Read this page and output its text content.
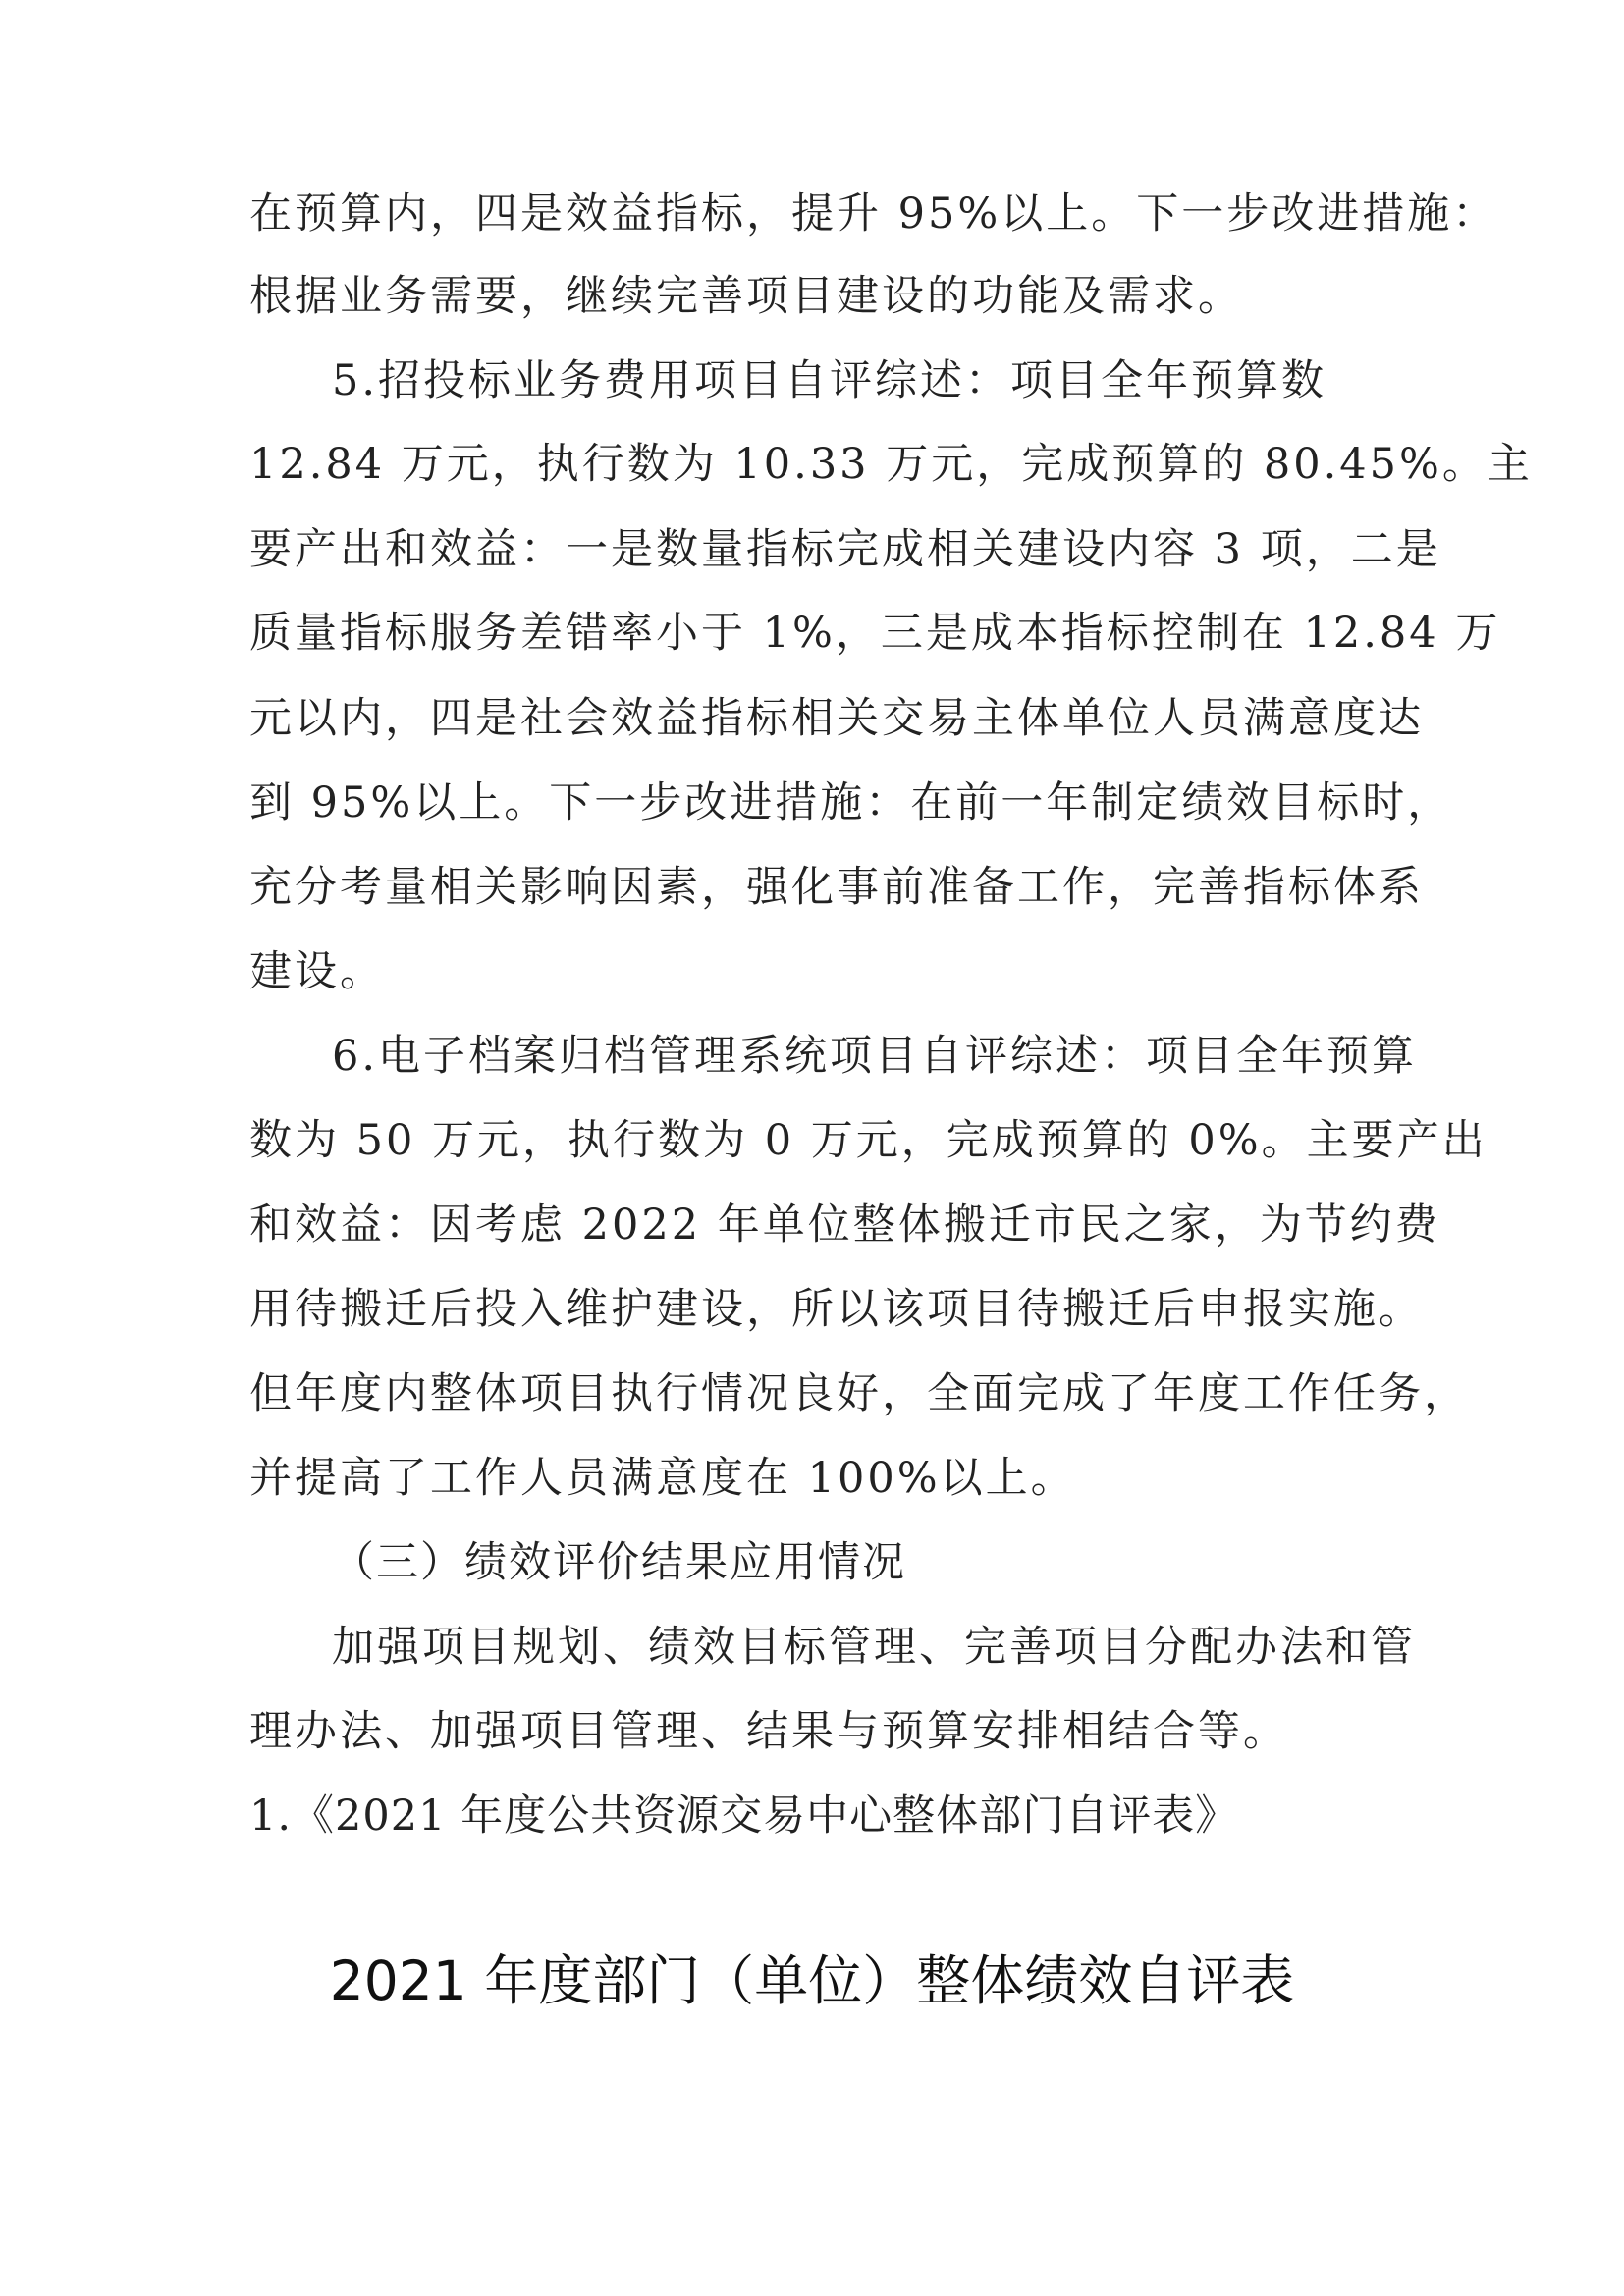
在预算内，四是效益指标，提升 95%以上。下一步改进措施：
根据业务需要，继续完善项目建设的功能及需求。
5.招投标业务费用项目自评综述：项目全年预算数
12.84 万元，执行数为 10.33 万元，完成预算的 80.45%。主
要产出和效益：一是数量指标完成相关建设内容 3 项，二是
质量指标服务差错率小于 1%，三是成本指标控制在 12.84 万
元以内，四是社会效益指标相关交易主体单位人员满意度达
到 95%以上。下一步改进措施：在前一年制定绩效目标时，
充分考量相关影响因素，强化事前准备工作，完善指标体系
建设。
6.电子档案归档管理系统项目自评综述：项目全年预算
数为 50 万元，执行数为 0 万元，完成预算的 0%。主要产出
和效益：因考虑 2022 年单位整体搬迁市民之家，为节约费
用待搬迁后投入维护建设，所以该项目待搬迁后申报实施。
但年度内整体项目执行情况良好，全面完成了年度工作任务，
并提高了工作人员满意度在 100%以上。
（三）绩效评价结果应用情况
加强项目规划、绩效目标管理、完善项目分配办法和管
理办法、加强项目管理、结果与预算安排相结合等。
1.《2021 年度公共资源交易中心整体部门自评表》
2021 年度部门（单位）整体绩效自评表
